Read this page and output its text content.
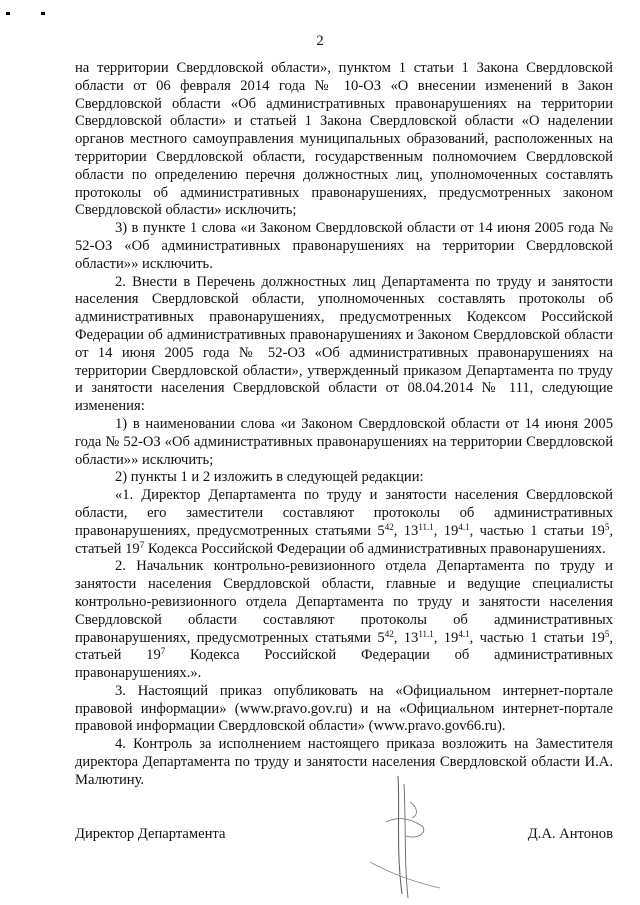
2

на территории Свердловской области», пунктом 1 статьи 1 Закона Свердловской области от 06 февраля 2014 года № 10-ОЗ «О внесении изменений в Закон Свердловской области «Об административных правонарушениях на территории Свердловской области» и статьей 1 Закона Свердловской области «О наделении органов местного самоуправления муниципальных образований, расположенных на территории Свердловской области, государственным полномочием Свердловской области по определению перечня должностных лиц, уполномоченных составлять протоколы об административных правонарушениях, предусмотренных законом Свердловской области» исключить;

3) в пункте 1 слова «и Законом Свердловской области от 14 июня 2005 года № 52-ОЗ «Об административных правонарушениях на территории Свердловской области»» исключить.

2. Внести в Перечень должностных лиц Департамента по труду и занятости населения Свердловской области, уполномоченных составлять протоколы об административных правонарушениях, предусмотренных Кодексом Российской Федерации об административных правонарушениях и Законом Свердловской области от 14 июня 2005 года № 52-ОЗ «Об административных правонарушениях на территории Свердловской области», утвержденный приказом Департамента по труду и занятости населения Свердловской области от 08.04.2014 № 111, следующие изменения:

1) в наименовании слова «и Законом Свердловской области от 14 июня 2005 года № 52-ОЗ «Об административных правонарушениях на территории Свердловской области»» исключить;

2) пункты 1 и 2 изложить в следующей редакции:

«1. Директор Департамента по труду и занятости населения Свердловской области, его заместители составляют протоколы об административных правонарушениях, предусмотренных статьями $5^{42}$, $13^{11.1}$, $19^{4.1}$, частью 1 статьи $19^5$, статьей $19^7$ Кодекса Российской Федерации об административных правонарушениях.

2. Начальник контрольно-ревизионного отдела Департамента по труду и занятости населения Свердловской области, главные и ведущие специалисты контрольно-ревизионного отдела Департамента по труду и занятости населения Свердловской области составляют протоколы об административных правонарушениях, предусмотренных статьями $5^{42}$, $13^{11.1}$, $19^{4.1}$, частью 1 статьи $19^5$, статьей $19^7$ Кодекса Российской Федерации об административных правонарушениях.».

3. Настоящий приказ опубликовать на «Официальном интернет-портале правовой информации» (www.pravo.gov.ru) и на «Официальном интернет-портале правовой информации Свердловской области» (www.pravo.gov66.ru).

4. Контроль за исполнением настоящего приказа возложить на Заместителя директора Департамента по труду и занятости населения Свердловской области И.А. Малютину.

Директор Департамента	Д.А. Антонов
